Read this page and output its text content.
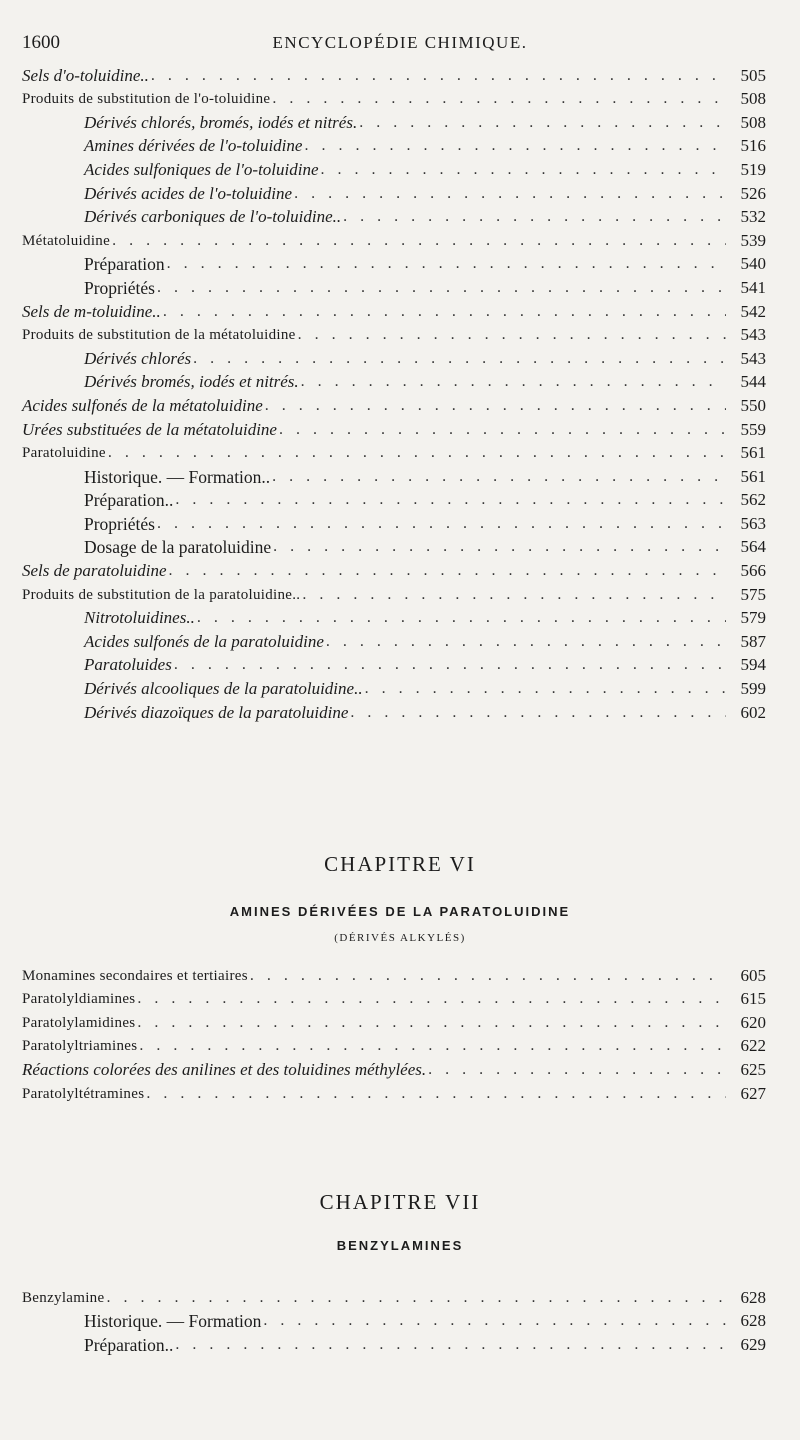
1600	ENCYCLOPÉDIE CHIMIQUE.
Sels d'o-toluidine.. . . .	505
Produits de substitution de l'o-toluidine . . .	508
Dérivés chlorés, bromés, iodés et nitrés. . . .	508
Amines dérivées de l'o-toluidine . . .	516
Acides sulfoniques de l'o-toluidine . . .	519
Dérivés acides de l'o-toluidine . . .	526
Dérivés carboniques de l'o-toluidine.. . . .	532
Métatoluidine . . .	539
Préparation . . .	540
Propriétés . . .	541
Sels de m-toluidine.. . . .	542
Produits de substitution de la métatoluidine . . .	543
Dérivés chlorés . . .	543
Dérivés bromés, iodés et nitrés. . . .	544
Acides sulfonés de la métatoluidine . . .	550
Urées substituées de la métatoluidine . . .	559
Paratoluidine . . .	561
Historique. — Formation.. . . .	561
Préparation.. . . .	562
Propriétés . . .	563
Dosage de la paratoluidine . . .	564
Sels de paratoluidine . . .	566
Produits de substitution de la paratoluidine.. . . .	575
Nitrotoluidines.. . . .	579
Acides sulfonés de la paratoluidine . . .	587
Paratoluides . . .	594
Dérivés alcooliques de la paratoluidine.. . . .	599
Dérivés diazoïques de la paratoluidine . . .	602
CHAPITRE VI
AMINES DÉRIVÉES DE LA PARATOLUIDINE
(DÉRIVÉS ALKYLÉS)
Monamines secondaires et tertiaires . . .	605
Paratolyldiamines . . .	615
Paratolylamidines . . .	620
Paratolyltriamines . . .	622
Réactions colorées des anilines et des toluidines méthylées. . . .	625
Paratolyltétramines . . .	627
CHAPITRE VII
BENZYLAMINES
Benzylamine . . .	628
Historique. — Formation . . .	628
Préparation.. . . .	629
